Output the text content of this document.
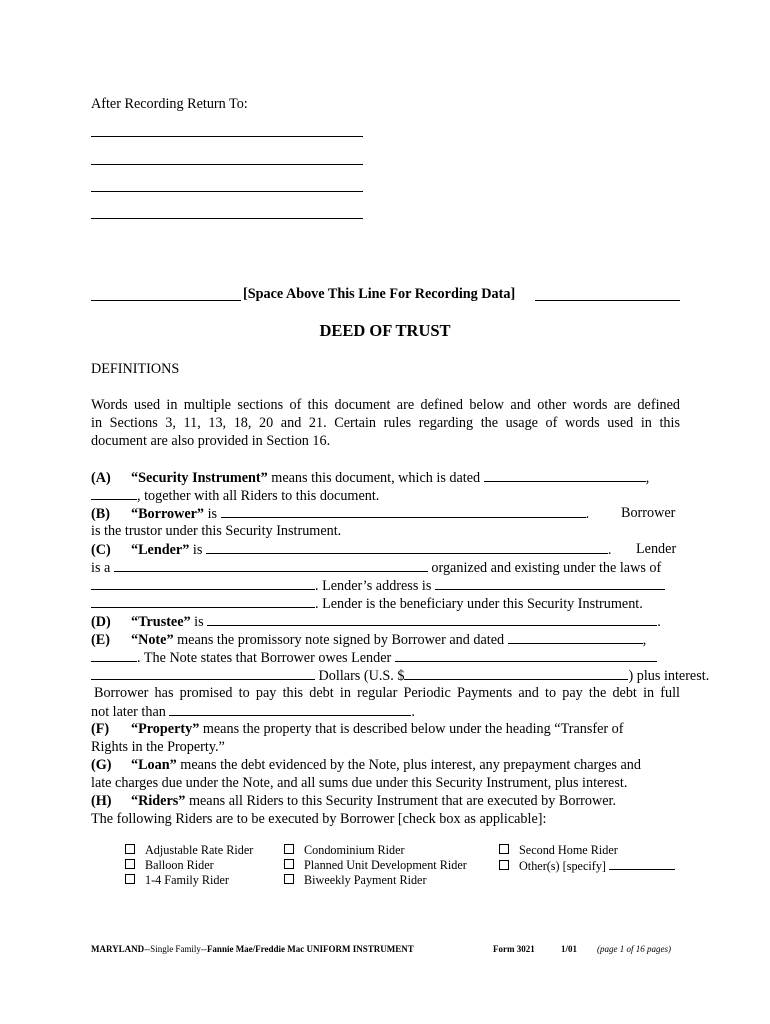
After Recording Return To:
[Space Above This Line For Recording Data]
DEED OF TRUST
DEFINITIONS
Words used in multiple sections of this document are defined below and other words are defined
in Sections 3, 11, 13, 18, 20 and 21. Certain rules regarding the usage of words used in this
document are also provided in Section 16.
(A) “Security Instrument” means this document, which is dated	,
, together with all Riders to this document.
(B) “Borrower” is	. Borrower
is the trustor under this Security Instrument.
(C) “Lender” is	. Lender
is a	organized and existing under the laws of
. Lender’s address is
. Lender is the beneficiary under this Security Instrument.
(D) “Trustee” is	.
(E) “Note” means the promissory note signed by Borrower and dated	,
. The Note states that Borrower owes Lender
Dollars (U.S. $	) plus interest.
Borrower has promised to pay this debt in regular Periodic Payments and to pay the debt in full
not later than	.
(F) “Property” means the property that is described below under the heading “Transfer of
Rights in the Property.”
(G) “Loan” means the debt evidenced by the Note, plus interest, any prepayment charges and
late charges due under the Note, and all sums due under this Security Instrument, plus interest.
(H) “Riders” means all Riders to this Security Instrument that are executed by Borrower.
The following Riders are to be executed by Borrower [check box as applicable]:
Adjustable Rate Rider
Balloon Rider
1-4 Family Rider
Condominium Rider
Planned Unit Development Rider
Biweekly Payment Rider
Second Home Rider
Other(s) [specify]
MARYLAND--Single Family--Fannie Mae/Freddie Mac UNIFORM INSTRUMENT	Form 3021	1/01 (page 1 of 16 pages)
